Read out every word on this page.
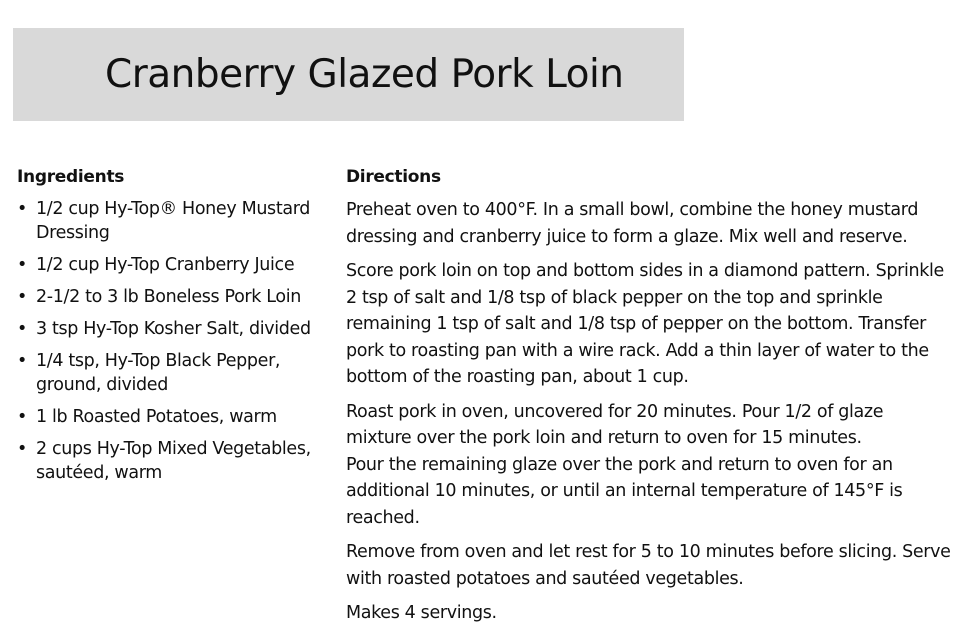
Cranberry Glazed Pork Loin
Ingredients
• 1/2 cup Hy-Top® Honey Mustard Dressing
• 1/2 cup Hy-Top Cranberry Juice
• 2-1/2 to 3 lb Boneless Pork Loin
• 3 tsp Hy-Top Kosher Salt, divided
• 1/4 tsp, Hy-Top Black Pepper, ground, divided
• 1 lb Roasted Potatoes, warm
• 2 cups Hy-Top Mixed Vegetables, sautéed, warm
Directions

Preheat oven to 400°F. In a small bowl, combine the honey mustard dressing and cranberry juice to form a glaze. Mix well and reserve.

Score pork loin on top and bottom sides in a diamond pattern. Sprinkle 2 tsp of salt and 1/8 tsp of black pepper on the top and sprinkle remaining 1 tsp of salt and 1/8 tsp of pepper on the bottom. Transfer pork to roasting pan with a wire rack. Add a thin layer of water to the bottom of the roasting pan, about 1 cup.

Roast pork in oven, uncovered for 20 minutes. Pour 1/2 of glaze mixture over the pork loin and return to oven for 15 minutes.

Pour the remaining glaze over the pork and return to oven for an additional 10 minutes, or until an internal temperature of 145°F is reached.

Remove from oven and let rest for 5 to 10 minutes before slicing. Serve with roasted potatoes and sautéed vegetables.

Makes 4 servings.
